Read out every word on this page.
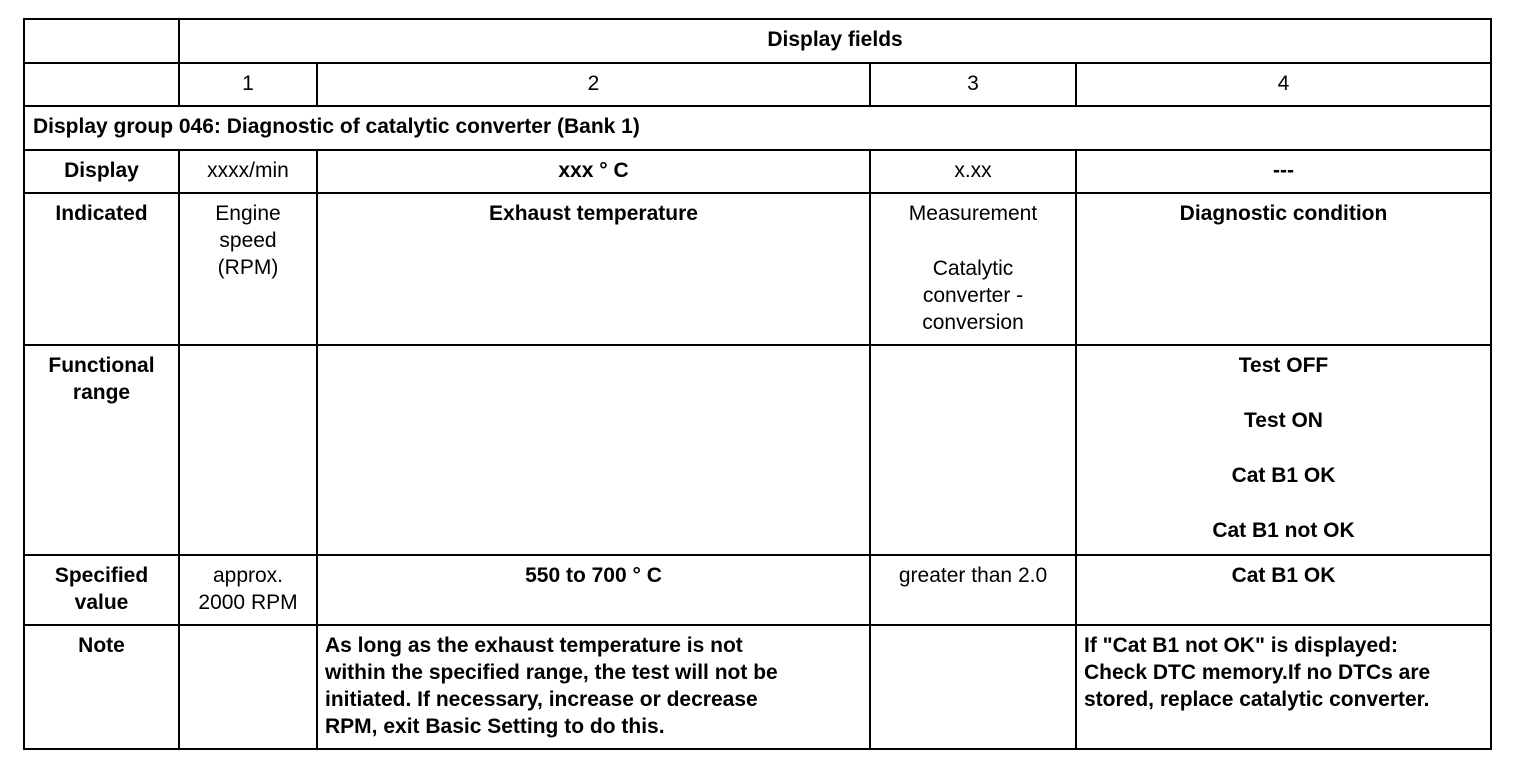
	Display fields			
	1	2	3	4
Display group 046: Diagnostic of catalytic converter (Bank 1)				
Display	xxxx/min	xxx ° C	x.xx	---
Indicated	Engine
speed
(RPM)	Exhaust temperature	Measurement
Catalytic
converter -
conversion	Diagnostic condition

Functional
range				Test OFF
Test ON
Cat B1 OK
Cat B1 not OK

Specified
value	approx.
2000 RPM	550 to 700 ° C	greater than 2.0	Cat B1 OK
Note		As long as the exhaust temperature is not
within the specified range, the test will not be
initiated. If necessary, increase or decrease
RPM, exit Basic Setting to do this.		If "Cat B1 not OK" is displayed:
Check DTC memory.If no DTCs are
stored, replace catalytic converter.
